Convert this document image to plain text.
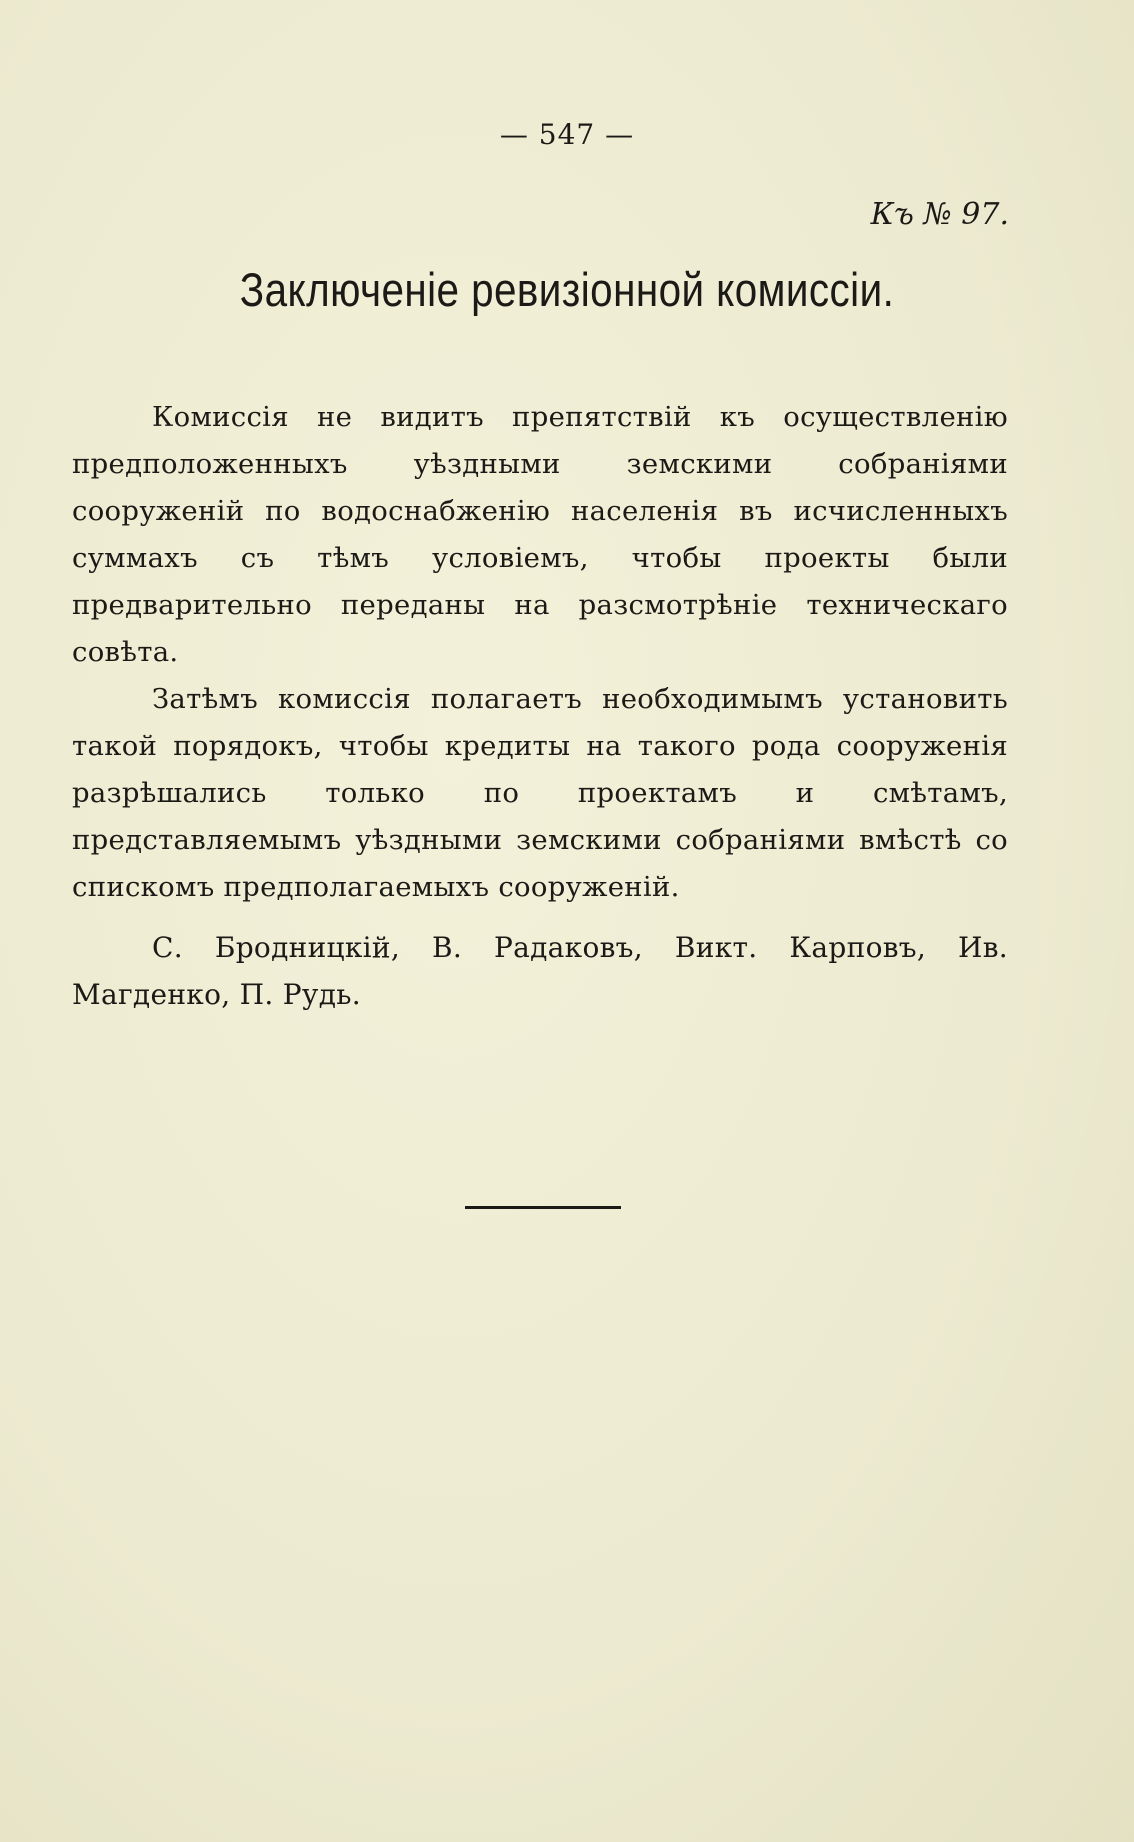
— 547 —
Къ № 97.
Заключеніе ревизіонной комиссіи.

Комиссія не видитъ препятствій къ осуществленію предположенныхъ уѣздными земскими собраніями сооруженій по водоснабженію населенія въ исчисленныхъ суммахъ съ тѣмъ условіемъ, чтобы проекты были предварительно переданы на разсмотрѣніе техническаго совѣта.

Затѣмъ комиссія полагаетъ необходимымъ установить такой порядокъ, чтобы кредиты на такого рода сооруженія разрѣшались только по проектамъ и смѣтамъ, представляемымъ уѣздными земскими собраніями вмѣстѣ со спискомъ предполагаемыхъ сооруженій.

С. Бродницкій, В. Радаковъ, Викт. Карповъ, Ив. Магденко, П. Рудь.
